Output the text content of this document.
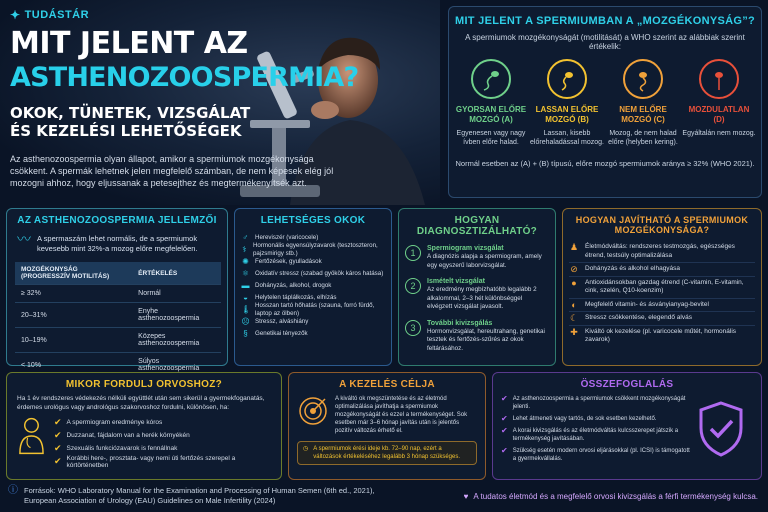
✦ TUDÁSTÁR
MIT JELENT AZ
ASTHENOZOOSPERMIA?
OKOK, TÜNETEK, VIZSGÁLAT
ÉS KEZELÉSI LEHETŐSÉGEK
Az asthenozoospermia olyan állapot, amikor a spermiumok mozgékonysága csökkent. A spermák lehetnek jelen megfelelő számban, de nem képesek elég jól mozogni ahhoz, hogy eljussanak a petesejthez és megtermékenyítsék azt.
MIT JELENT A SPERMIUMBAN A „MOZGÉKONYSÁG”?
A spermiumok mozgékonyságát (motilitását) a WHO szerint az alábbiak szerint értékelik:
GYORSAN ELŐRE
MOZGÓ (A)
Egyenesen vagy nagy ívben előre halad.
LASSAN ELŐRE
MOZGÓ (B)
Lassan, kisebb előrehaladással mozog.
NEM ELŐRE
MOZGÓ (C)
Mozog, de nem halad előre (helyben kering).
MOZDULATLAN (D)
Egyáltalán nem mozog.
Normál esetben az (A) + (B) típusú, előre mozgó spermiumok aránya ≥ 32% (WHO 2021).
AZ ASTHENOZOOSPERMIA JELLEMZŐI
〰 A spermaszám lehet normális, de a spermiumok kevesebb mint 32%-a mozog előre megfelelően.
MOZGÉKONYSÁG (PROGRESSZÍV MOTILITÁS)	ÉRTÉKELÉS
≥ 32%	Normál
20–31%	Enyhe asthenozoospermia
10–19%	Közepes asthenozoospermia
< 10%	Súlyos asthenozoospermia
LEHETSÉGES OKOK
♂ Hereviszér (varicocele)
⚕ Hormonális egyensúlyzavarok (tesztoszteron, pajzsmirigy stb.)
✺ Fertőzések, gyulladások
⚛ Oxidatív stressz (szabad gyökök káros hatása)
▬ Dohányzás, alkohol, drogok
◒	Helytelen táplálkozás, elhízás
🌡 Hosszan tartó hőhatás (szauna, forró fürdő, laptop az ölben)
☹ Stressz, alváshiány
§	Genetikai tényezők
HOGYAN DIAGNOSZTIZÁLHATÓ?
1	Spermiogram vizsgálat
A diagnózis alapja a spermiogram, amely egy egyszerű laborvizsgálat.
2	Ismételt vizsgálat
Az eredmény megbízhatóbb legalább 2 alkalommal, 2–3 hét különbséggel elvégzett vizsgálat javasolt.
3	További kivizsgálás
Hormonvizsgálat, hereultrahang, genetikai tesztek és fertőzés-szűrés az okok feltárásához.
HOGYAN JAVÍTHATÓ A SPERMIUMOK MOZGÉKONYSÁGA?
♟ Életmódváltás: rendszeres testmozgás, egészséges étrend, testsúly optimalizálása
⊘ Dohányzás és alkohol elhagyása
●	Antioxidánsokban gazdag étrend (C-vitamin, E-vitamin, cink, szelén, Q10-koenzim)
◐	Megfelelő vitamin- és ásványianyag-bevitel
☾ Stressz csökkentése, elegendő alvás
✚ Kiváltó ok kezelése (pl. varicocele műtét, hormonális zavarok)
MIKOR FORDULJ ORVOSHOZ?
Ha 1 év rendszeres védekezés nélküli együttlét után sem sikerül a gyermekfoganatás, érdemes urológus vagy andrológus szakorvoshoz fordulni, különösen, ha:
✔ A spermiogram eredménye kóros
✔ Duzzanat, fájdalom van a herék környékén
✔ Szexuális funkciózavarok is fennállnak
✔ Korábbi here-, prosztata- vagy nemi úti fertőzés szerepel a kórtörténetben
A KEZELÉS CÉLJA
A kiváltó ok megszüntetése és az életmód optimalizálása javíthatja a spermiumok mozgékonyságát és ezzel a termékenységet. Sok esetben már 3–6 hónap javítás után is jelentős pozitív változás érhető el.
◷ A spermiumok érési ideje kb. 72–90 nap, ezért a változások értékeléséhez legalább 3 hónap szükséges.
ÖSSZEFOGLALÁS
✔ Az asthenozoospermia a spermiumok csökkent mozgékonyságát jelenti.
✔ Lehet átmeneti vagy tartós, de sok esetben kezelhető.
✔ A korai kivizsgálás és az életmódváltás kulcsszerepet játszik a termékenység javításában.
✔ Szükség esetén modern orvosi eljárásokkal (pl. ICSI) is támogatott a gyermekvállalás.
ⓘ Források: WHO Laboratory Manual for the Examination and Processing of Human Semen (6th ed., 2021), European Association of Urology (EAU) Guidelines on Male Infertility (2024)	♥ A tudatos életmód és a megfelelő orvosi kivizsgálás a férfi termékenység kulcsa.
